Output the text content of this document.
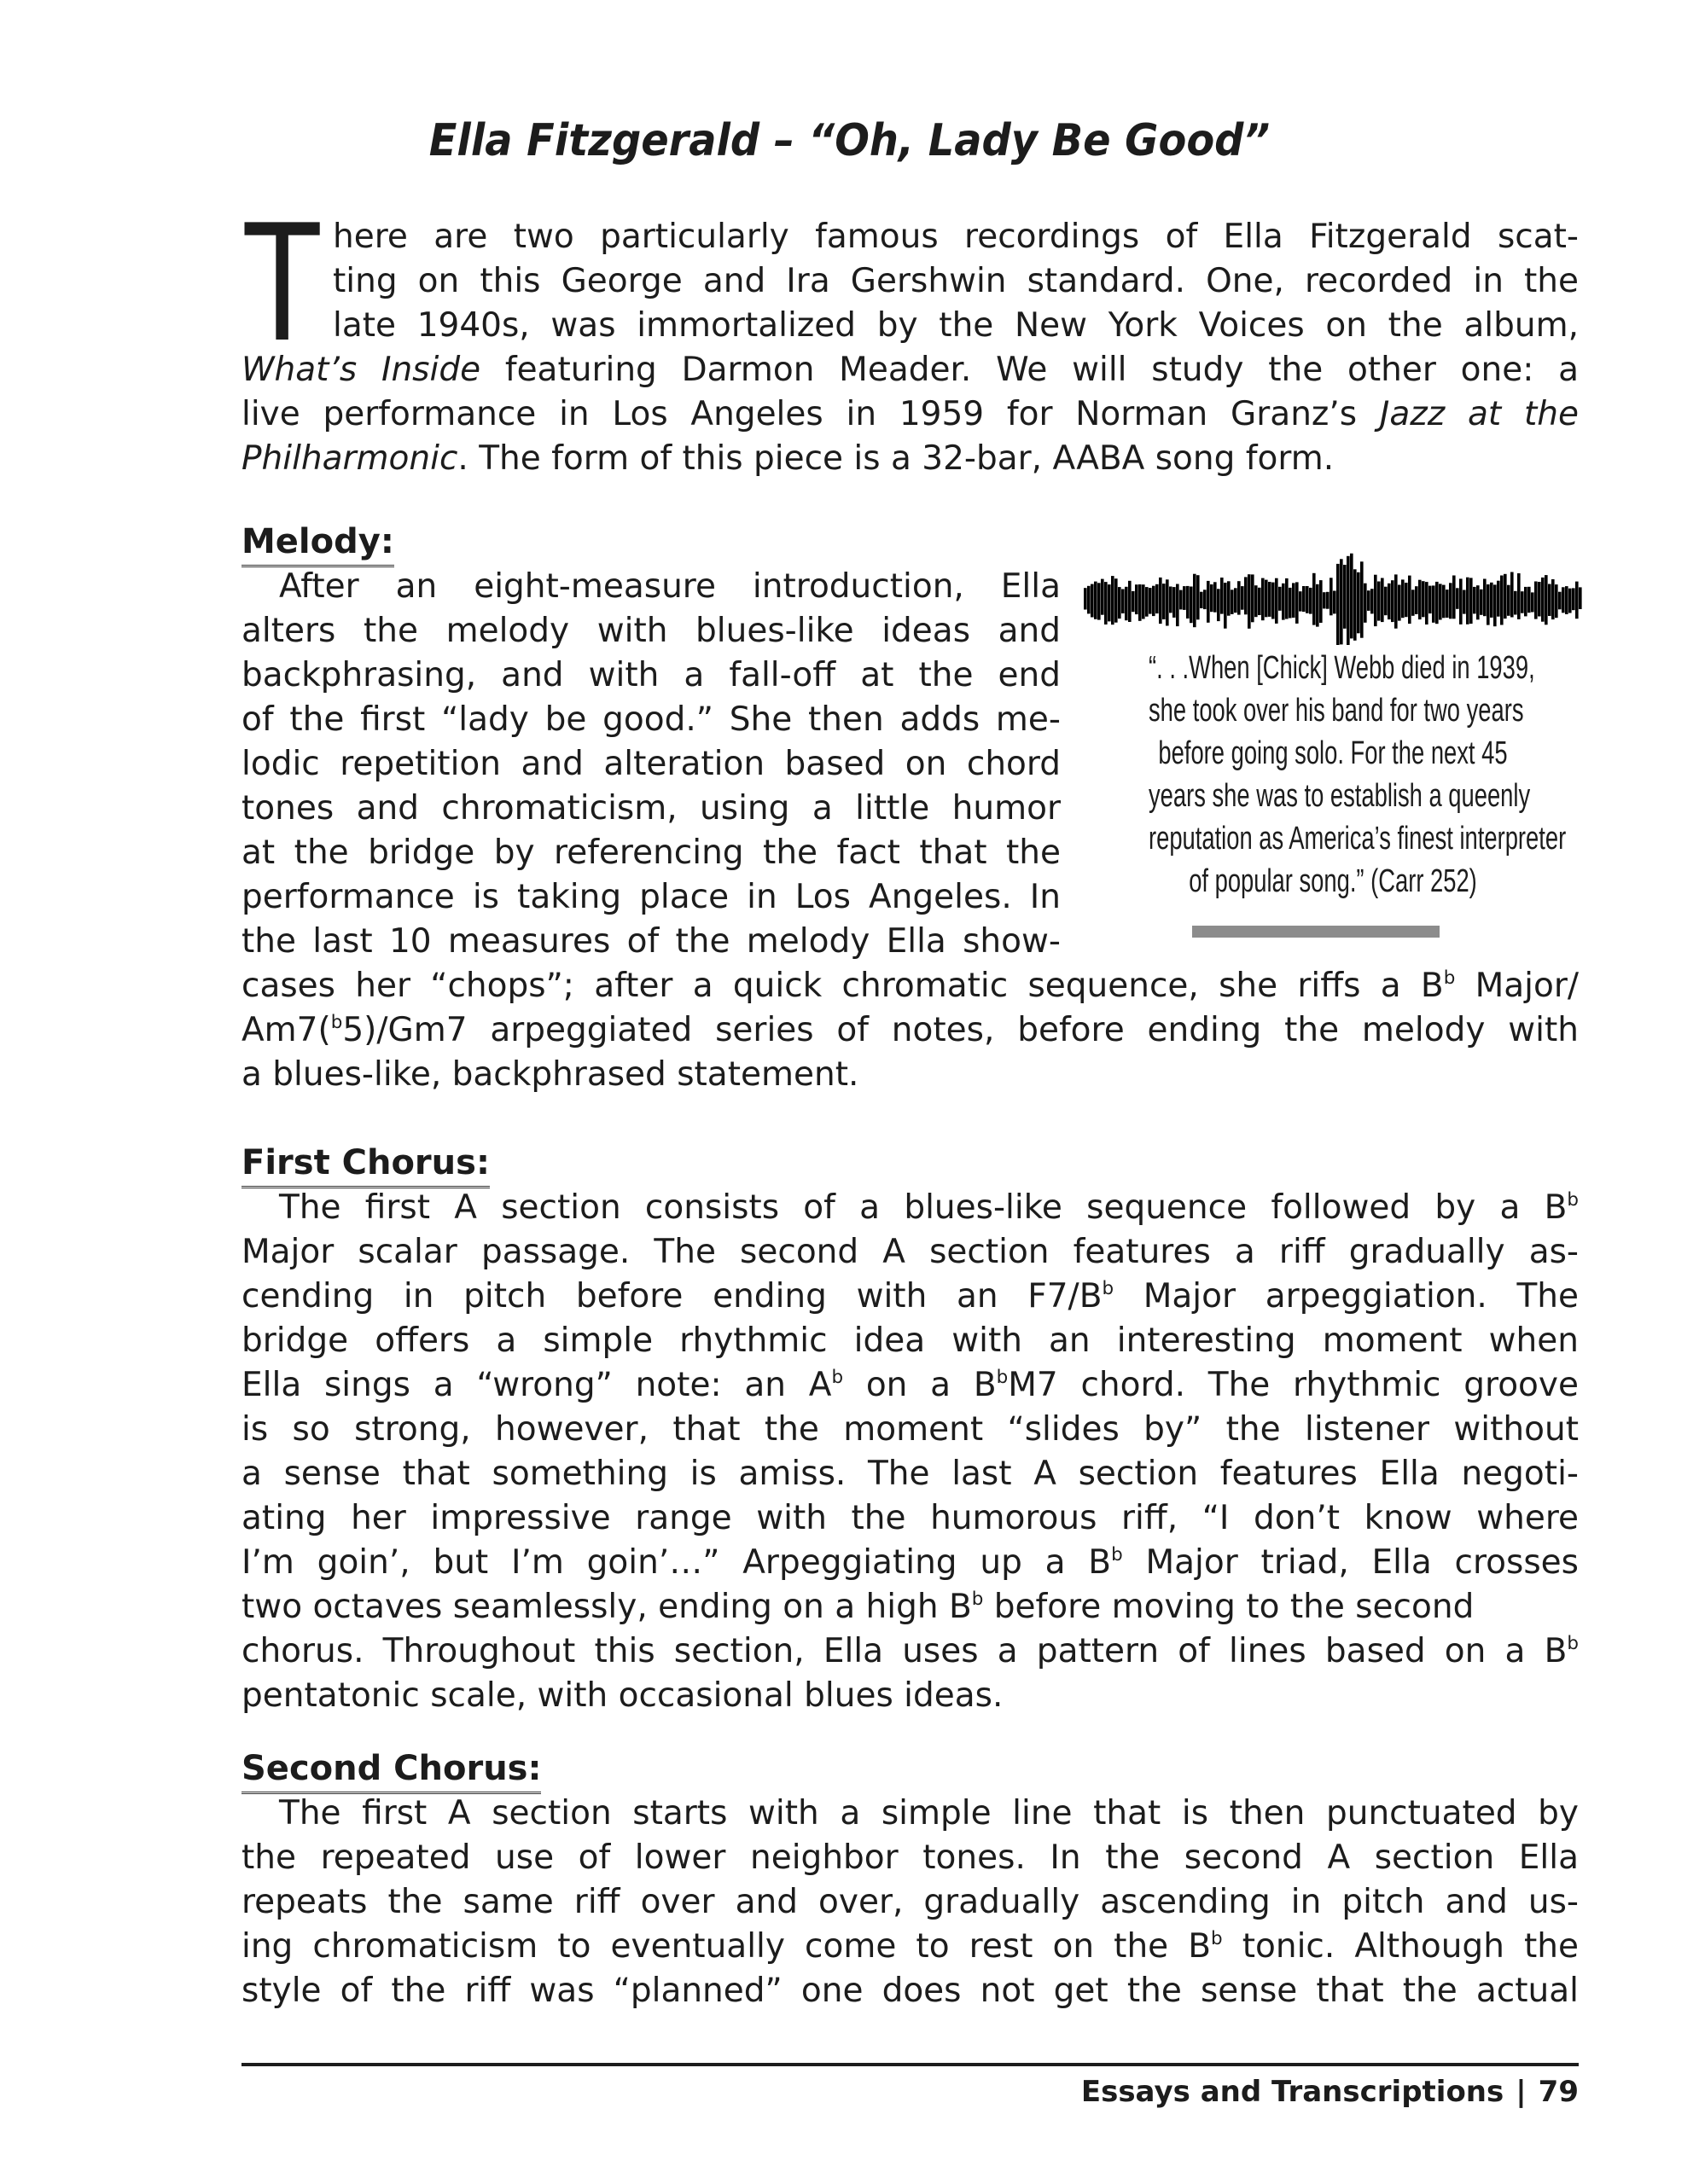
Ella Fitzgerald – “Oh, Lady Be Good”
T here are two particularly famous recordings of Ella Fitzgerald scat-
ting on this George and Ira Gershwin standard. One, recorded in the
late 1940s, was immortalized by the New York Voices on the album,
What’s Inside featuring Darmon Meader. We will study the other one: a
live performance in Los Angeles in 1959 for Norman Granz’s Jazz at the
Philharmonic. The form of this piece is a 32-bar, AABA song form.
Melody:
After an eight-measure introduction, Ella
alters the melody with blues-like ideas and
backphrasing, and with a fall-off at the end
of the first “lady be good.” She then adds me-
lodic repetition and alteration based on chord
tones and chromaticism, using a little humor
at the bridge by referencing the fact that the
performance is taking place in Los Angeles. In
the last 10 measures of the melody Ella show-
cases her “chops”; after a quick chromatic sequence, she riffs a $B^b$ Major/
Am7($^b$5)/Gm7 arpeggiated series of notes, before ending the melody with
a blues-like, backphrased statement.
“. . .When [Chick] Webb died in 1939,
she took over his band for two years
before going solo. For the next 45
years she was to establish a queenly
reputation as America’s finest interpreter
of popular song.” (Carr 252)
First Chorus:
The first A section consists of a blues-like sequence followed by a $B^b$
Major scalar passage. The second A section features a riff gradually as-
cending in pitch before ending with an $F7/B^b$ Major arpeggiation. The
bridge offers a simple rhythmic idea with an interesting moment when
Ella sings a “wrong” note: an $A^b$ on a $B^bM7$ chord. The rhythmic groove
is so strong, however, that the moment “slides by” the listener without
a sense that something is amiss. The last A section features Ella negoti-
ating her impressive range with the humorous riff, “I don’t know where
I’m goin’, but I’m goin’…” Arpeggiating up a $B^b$ Major triad, Ella crosses
two octaves seamlessly, ending on a high $B^b$ before moving to the second
chorus. Throughout this section, Ella uses a pattern of lines based on a $B^b$
pentatonic scale, with occasional blues ideas.
Second Chorus:
The first A section starts with a simple line that is then punctuated by
the repeated use of lower neighbor tones. In the second A section Ella
repeats the same riff over and over, gradually ascending in pitch and us-
ing chromaticism to eventually come to rest on the $B^b$ tonic. Although the
style of the riff was “planned” one does not get the sense that the actual
Essays and Transcriptions | 79
